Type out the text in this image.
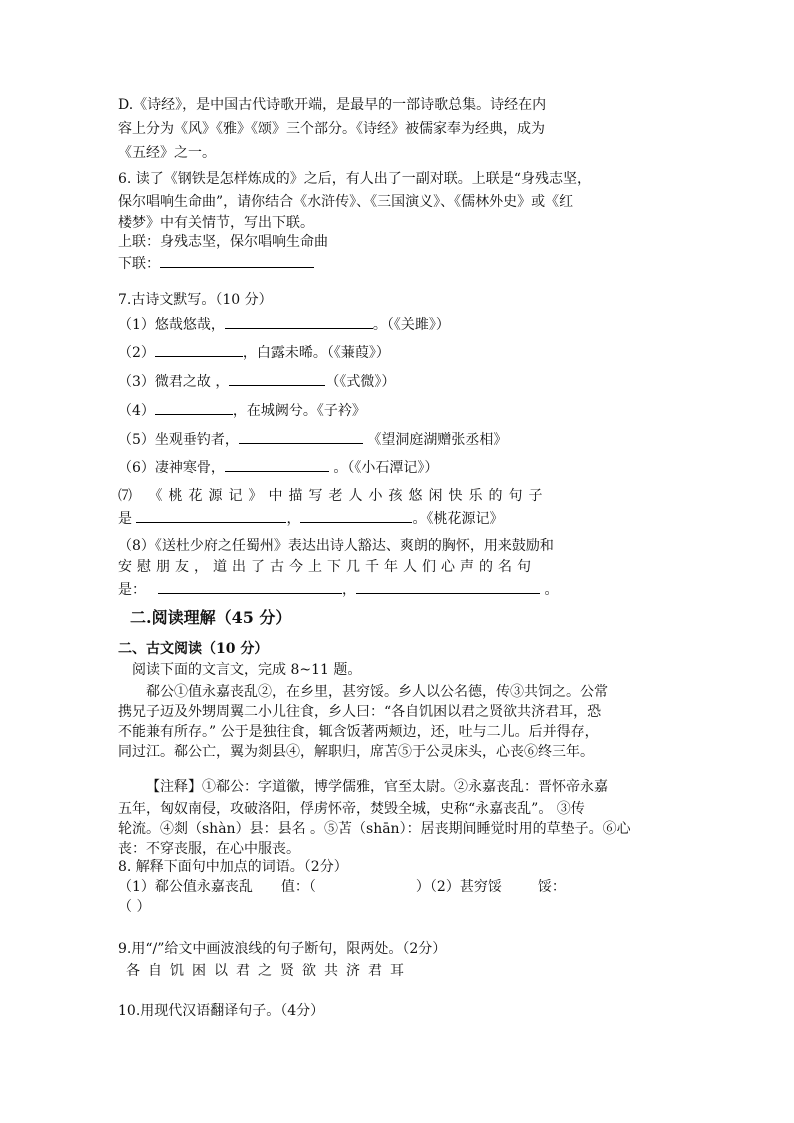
D.《诗经》，是中国古代诗歌开端，是最早的一部诗歌总集。诗经在内
容上分为《风》《雅》《颂》三个部分。《诗经》被儒家奉为经典，成为
《五经》之一。
6. 读了《钢铁是怎样炼成的》之后，有人出了一副对联。上联是“身残志坚，
保尔唱响生命曲”，请你结合《水浒传》、《三国演义》、《儒林外史》或《红
楼梦》中有关情节，写出下联。
上联：身残志坚，保尔唱响生命曲
下联：
7.古诗文默写。（10 分）
（1）悠哉悠哉，	。（《关雎》）
（2）	，白露未晞。（《蒹葭》）
（3）微君之故 ，	（《式微》）
（4）	，在城阙兮。《子衿》
（5）坐观垂钓者，	《望洞庭湖赠张丞相》
（6）凄神寒骨，	。（《小石潭记》）
⑺ 《桃花源记》中描写老人小孩悠闲快乐的句子
是	，	。《桃花源记》
（8）《送杜少府之任蜀州》表达出诗人豁达、爽朗的胸怀，用来鼓励和
安慰朋友，道出了古今上下几千年人们心声的名句
是：	，	。
二.阅读理解（45 分）
二、古文阅读（10 分）
阅读下面的文言文，完成 8~11 题。
郗公①值永嘉丧乱②，在乡里，甚穷馁。乡人以公名德，传③共饲之。公常
携兄子迈及外甥周翼二小儿往食，乡人曰：“各自饥困以君之贤欲共济君耳，恐
不能兼有所存。” 公于是独往食，辄含饭著两颊边，还，吐与二儿。后并得存，
同过江。郗公亡，翼为剡县④，解职归，席苫⑤于公灵床头，心丧⑥终三年。
【注释】①郗公：字道徽，博学儒雅，官至太尉。②永嘉丧乱：晋怀帝永嘉
五年，匈奴南侵，攻破洛阳，俘虏怀帝，焚毁全城，史称“永嘉丧乱”。 ③传
轮流。④剡（shàn）县：县名 。⑤苫（shān）：居丧期间睡觉时用的草垫子。⑥心
丧：不穿丧服，在心中服丧。
8. 解释下面句中加点的词语。（2分）
（1）郗公值永嘉丧乱 值：（	）（2）甚穷馁	馁：
（ ）
9.用“/”给文中画波浪线的句子断句，限两处。（2分）
各自饥困以君之贤欲共济君耳
10.用现代汉语翻译句子。（4分）
